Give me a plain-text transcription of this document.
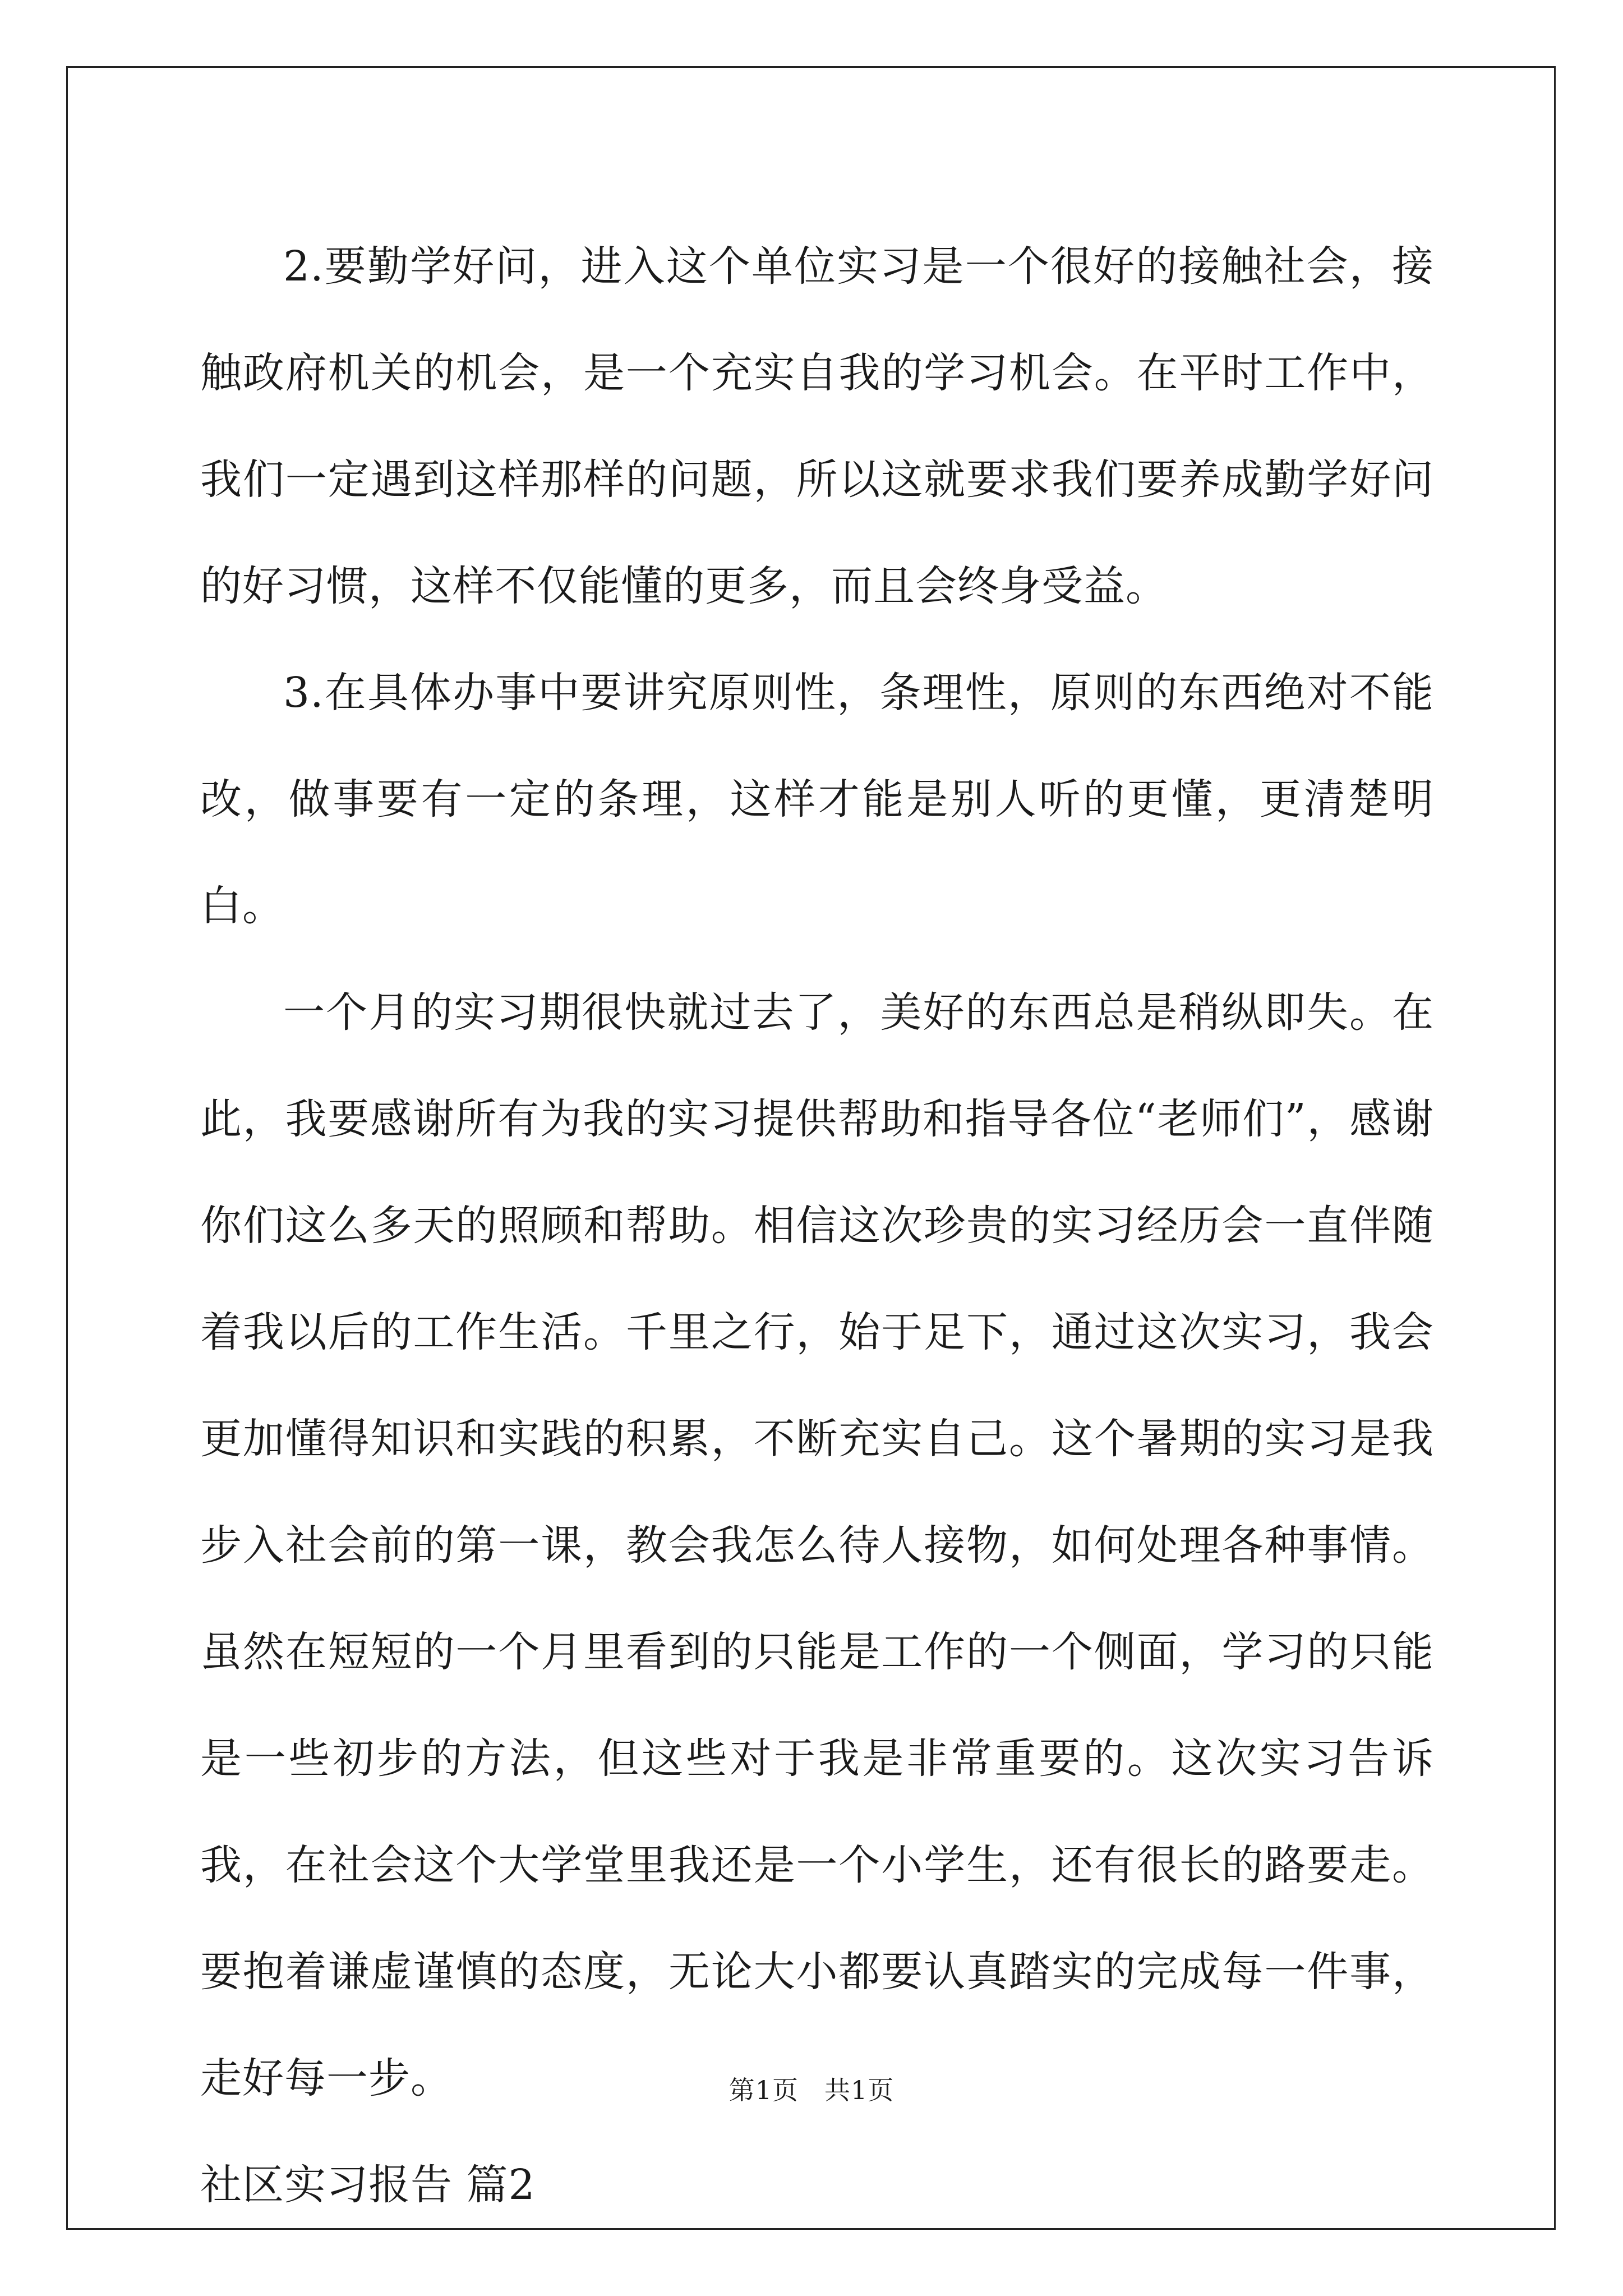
2.要勤学好问，进入这个单位实习是一个很好的接触社会，接触政府机关的机会，是一个充实自我的学习机会。在平时工作中，我们一定遇到这样那样的问题，所以这就要求我们要养成勤学好问的好习惯，这样不仅能懂的更多，而且会终身受益。

3.在具体办事中要讲究原则性，条理性，原则的东西绝对不能改，做事要有一定的条理，这样才能是别人听的更懂，更清楚明白。

一个月的实习期很快就过去了，美好的东西总是稍纵即失。在此，我要感谢所有为我的实习提供帮助和指导各位“老师们”，感谢你们这么多天的照顾和帮助。相信这次珍贵的实习经历会一直伴随着我以后的工作生活。千里之行，始于足下，通过这次实习，我会更加懂得知识和实践的积累，不断充实自己。这个暑期的实习是我步入社会前的第一课，教会我怎么待人接物，如何处理各种事情。虽然在短短的一个月里看到的只能是工作的一个侧面，学习的只能是一些初步的方法，但这些对于我是非常重要的。这次实习告诉我，在社会这个大学堂里我还是一个小学生，还有很长的路要走。要抱着谦虚谨慎的态度，无论大小都要认真踏实的完成每一件事，走好每一步。

社区实习报告 篇2
第1页 共1页
